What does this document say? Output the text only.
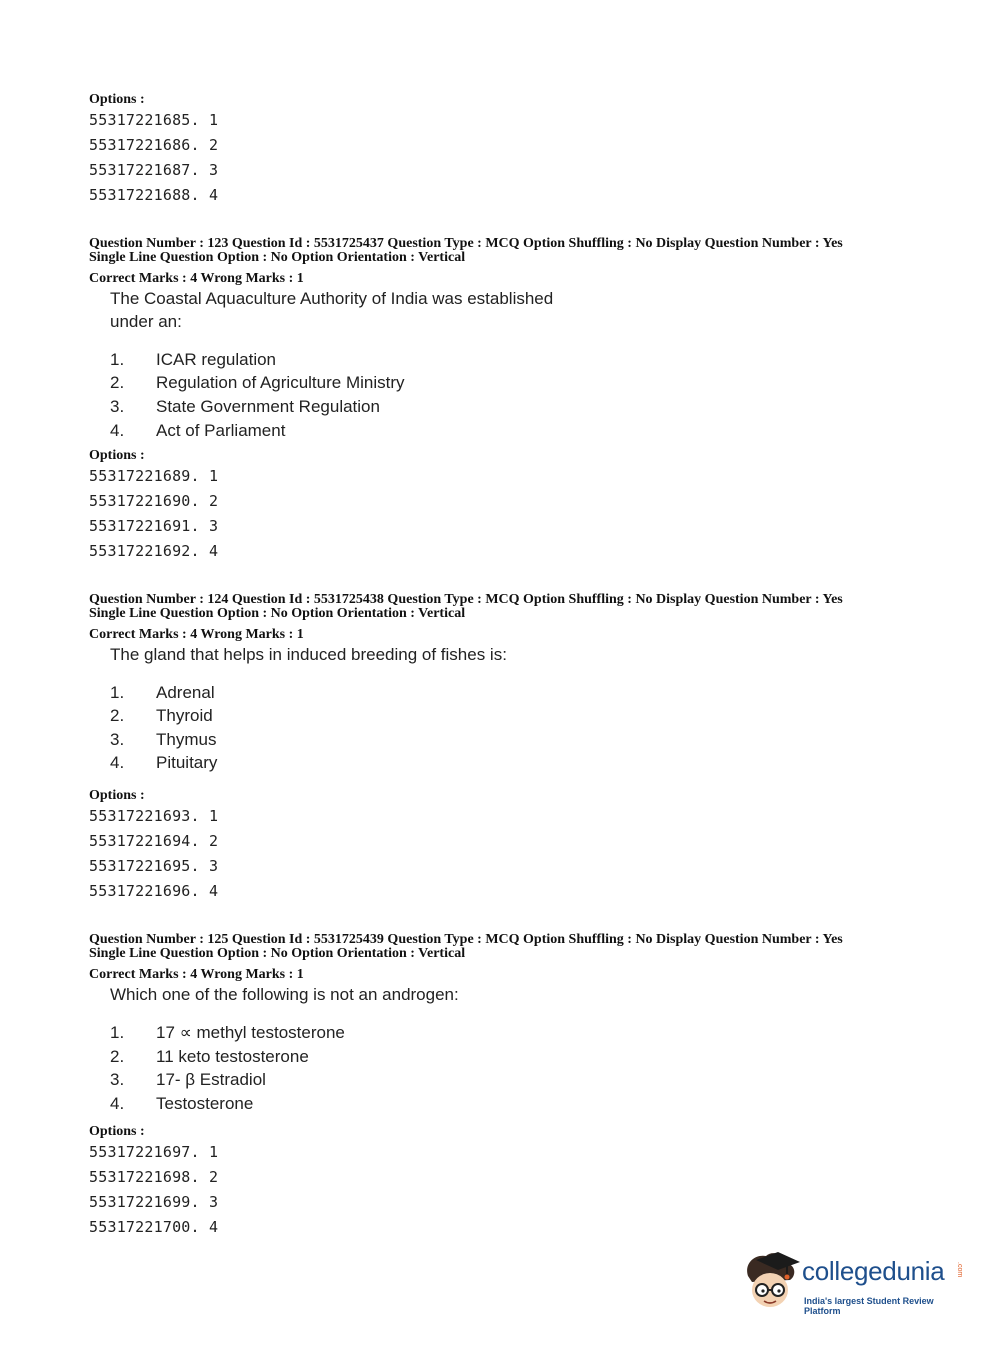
Options :
55317221685. 1
55317221686. 2
55317221687. 3
55317221688. 4
Question Number : 123 Question Id : 5531725437 Question Type : MCQ Option Shuffling : No Display Question Number : Yes
Single Line Question Option : No Option Orientation : Vertical
Correct Marks : 4 Wrong Marks : 1
The Coastal Aquaculture Authority of India was established
under an:
1. ICAR regulation
2. Regulation of Agriculture Ministry
3. State Government Regulation
4. Act of Parliament
Options :
55317221689. 1
55317221690. 2
55317221691. 3
55317221692. 4
Question Number : 124 Question Id : 5531725438 Question Type : MCQ Option Shuffling : No Display Question Number : Yes
Single Line Question Option : No Option Orientation : Vertical
Correct Marks : 4 Wrong Marks : 1
The gland that helps in induced breeding of fishes is:
1. Adrenal
2. Thyroid
3. Thymus
4. Pituitary
Options :
55317221693. 1
55317221694. 2
55317221695. 3
55317221696. 4
Question Number : 125 Question Id : 5531725439 Question Type : MCQ Option Shuffling : No Display Question Number : Yes
Single Line Question Option : No Option Orientation : Vertical
Correct Marks : 4 Wrong Marks : 1
Which one of the following is not an androgen:
1. 17 ∝ methyl testosterone
2. 11 keto testosterone
3. 17- β Estradiol
4. Testosterone
Options :
55317221697. 1
55317221698. 2
55317221699. 3
55317221700. 4
collegedunia .com
India's largest Student Review Platform
